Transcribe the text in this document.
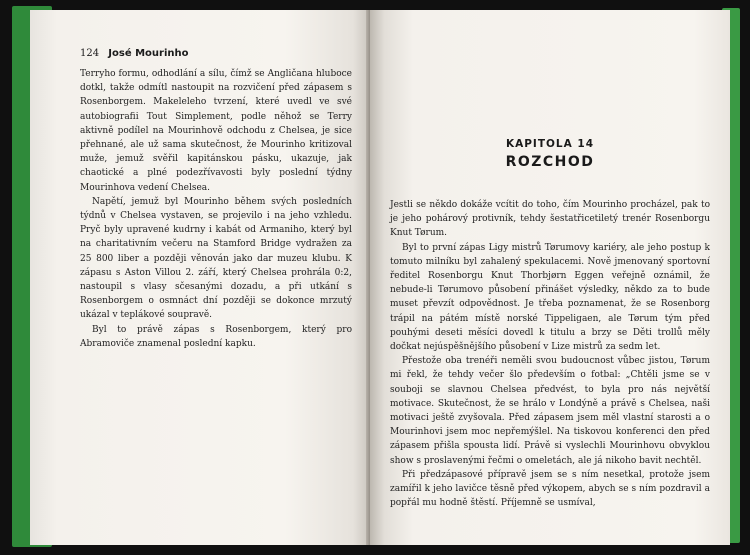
124 José Mourinho

Terryho formu, odhodlání a sílu, čímž se Angličana hluboce dotkl, takže odmítl nastoupit na rozvičení před zápasem s Rosenborgem. Makeleleho tvrzení, které uvedl ve své autobiografii Tout Simplement, podle něhož se Terry aktivně podílel na Mourinhově odchodu z Chelsea, je sice přehnané, ale už sama skutečnost, že Mourinho kritizoval muže, jemuž svěřil kapitánskou pásku, ukazuje, jak chaotické a plné podezřívavosti byly poslední týdny Mourinhova vedení Chelsea.

Napětí, jemuž byl Mourinho během svých posledních týdnů v Chelsea vystaven, se projevilo i na jeho vzhledu. Pryč byly upravené kudrny i kabát od Armaniho, který byl na charitativním večeru na Stamford Bridge vydražen za 25 800 liber a později věnován jako dar muzeu klubu. K zápasu s Aston Villou 2. září, který Chelsea prohrála 0:2, nastoupil s vlasy sčesanými dozadu, a při utkání s Rosenborgem o osmnáct dní později se dokonce mrzutý ukázal v teplákové soupravě.

Byl to právě zápas s Rosenborgem, který pro Abramoviče znamenal poslední kapku.

KAPITOLA 14
ROZCHOD

Jestli se někdo dokáže vcítit do toho, čím Mourinho procházel, pak to je jeho pohárový protivník, tehdy šestatřicetiletý trenér Rosenborgu Knut Tørum.

Byl to první zápas Ligy mistrů Tørumovy kariéry, ale jeho postup k tomuto milníku byl zahalený spekulacemi. Nově jmenovaný sportovní ředitel Rosenborgu Knut Thorbjørn Eggen veřejně oznámil, že nebude-li Tørumovo působení přinášet výsledky, někdo za to bude muset převzít odpovědnost. Je třeba poznamenat, že se Rosenborg trápil na pátém místě norské Tippeligaen, ale Tørum tým před pouhými deseti měsíci dovedl k titulu a brzy se Děti trollů měly dočkat nejúspěšnějšího působení v Lize mistrů za sedm let.

Přestože oba trenéři neměli svou budoucnost vůbec jistou, Tørum mi řekl, že tehdy večer šlo především o fotbal: „Chtěli jsme se v souboji se slavnou Chelsea předvést, to byla pro nás největší motivace. Skutečnost, že se hrálo v Londýně a právě s Chelsea, naši motivaci ještě zvyšovala. Před zápasem jsem měl vlastní starosti a o Mourinhovi jsem moc nepřemýšlel. Na tiskovou konferenci den před zápasem přišla spousta lidí. Právě si vyslechli Mourinhovu obvyklou show s proslavenými řečmi o omeletách, ale já nikoho bavit nechtěl.

Při předzápasové přípravě jsem se s ním nesetkal, protože jsem zamířil k jeho lavičce těsně před výkopem, abych se s ním pozdravil a popřál mu hodně štěstí. Příjemně se usmíval,
